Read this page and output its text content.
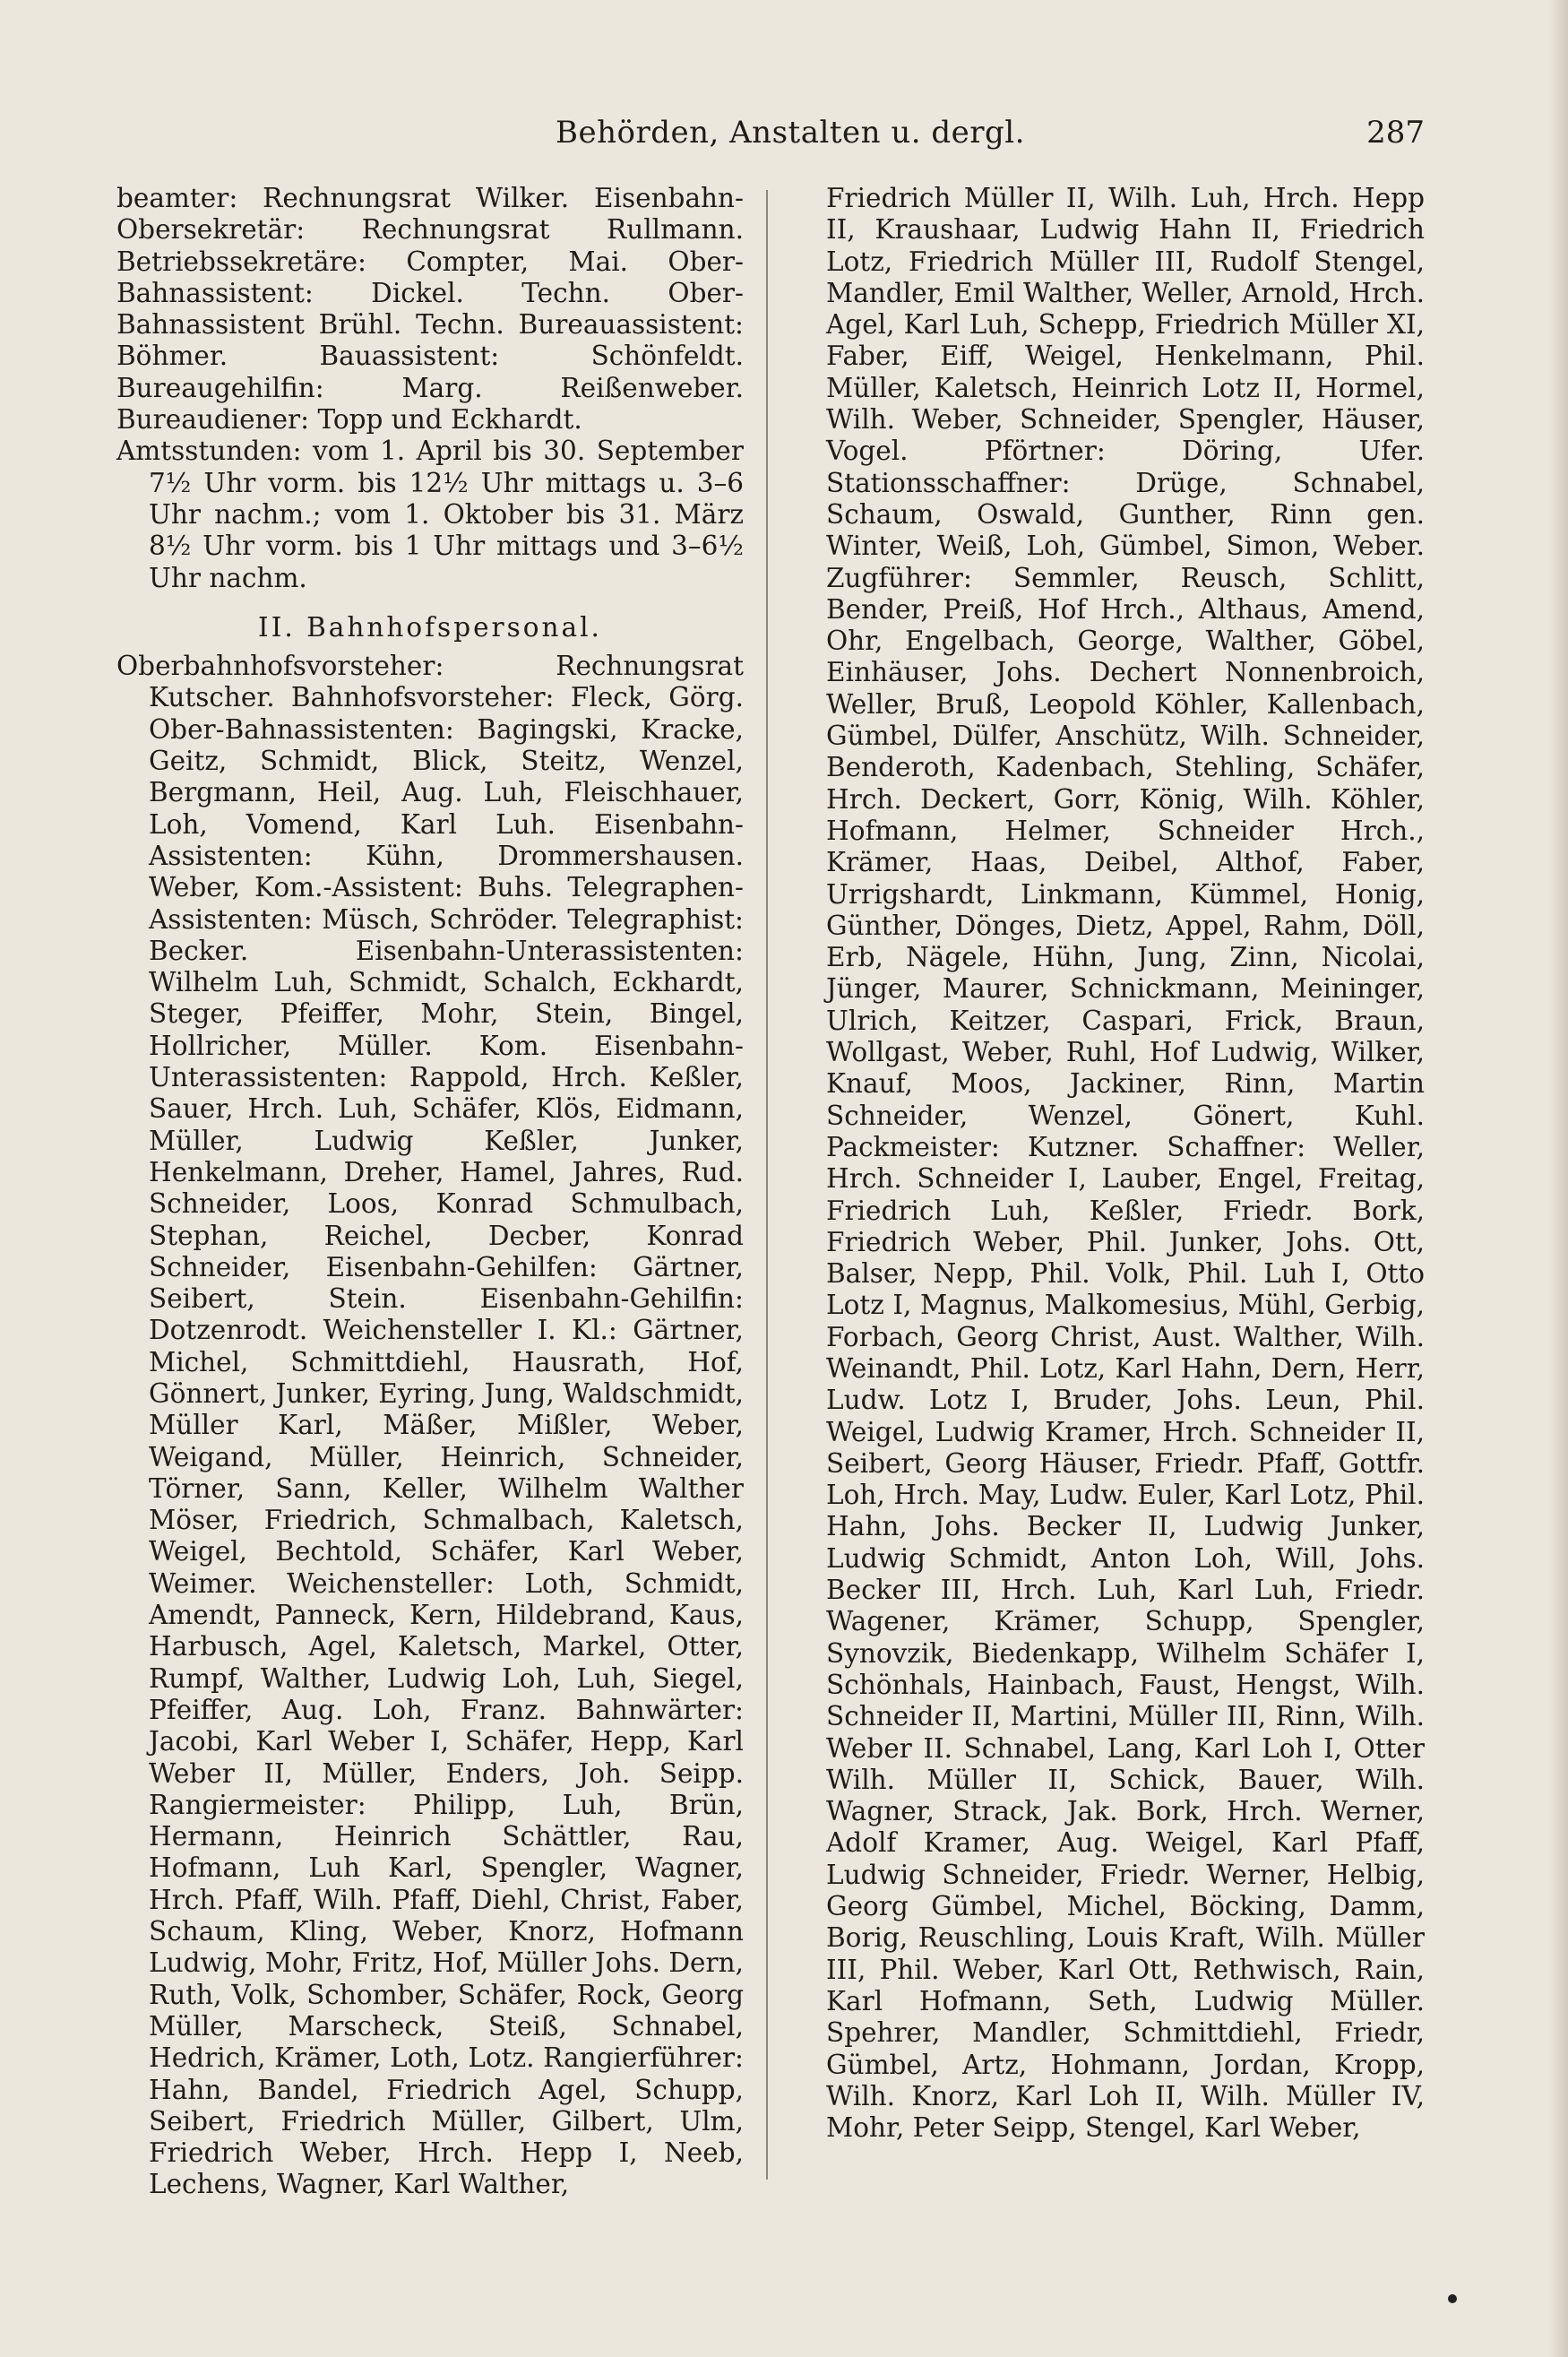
Behörden, Anstalten u. dergl.	287

beamter: Rechnungsrat Wilker. Eisenbahn-Obersekretär: Rechnungsrat Rullmann. Betriebssekretäre: Compter, Mai. Ober-Bahnassistent: Dickel. Techn. Ober-Bahnassistent Brühl. Techn. Bureauassistent: Böhmer. Bauassistent: Schönfeldt. Bureaugehilfin: Marg. Reißenweber. Bureaudiener: Topp und Eckhardt.

Amtsstunden: vom 1. April bis 30. September 7½ Uhr vorm. bis 12½ Uhr mittags u. 3–6 Uhr nachm.; vom 1. Oktober bis 31. März 8½ Uhr vorm. bis 1 Uhr mittags und 3–6½ Uhr nachm.

II. Bahnhofspersonal.

Oberbahnhofsvorsteher: Rechnungsrat Kutscher. Bahnhofsvorsteher: Fleck, Görg. Ober-Bahnassistenten: Bagingski, Kracke, Geitz, Schmidt, Blick, Steitz, Wenzel, Bergmann, Heil, Aug. Luh, Fleischhauer, Loh, Vomend, Karl Luh. Eisenbahn-Assistenten: Kühn, Drommershausen. Weber, Kom.-Assistent: Buhs. Telegraphen-Assistenten: Müsch, Schröder. Telegraphist: Becker. Eisenbahn-Unterassistenten: Wilhelm Luh, Schmidt, Schalch, Eckhardt, Steger, Pfeiffer, Mohr, Stein, Bingel, Hollricher, Müller. Kom. Eisenbahn-Unterassistenten: Rappold, Hrch. Keßler, Sauer, Hrch. Luh, Schäfer, Klös, Eidmann, Müller, Ludwig Keßler, Junker, Henkelmann, Dreher, Hamel, Jahres, Rud. Schneider, Loos, Konrad Schmulbach, Stephan, Reichel, Decber, Konrad Schneider, Eisenbahn-Gehilfen: Gärtner, Seibert, Stein. Eisenbahn-Gehilfin: Dotzenrodt. Weichensteller I. Kl.: Gärtner, Michel, Schmittdiehl, Hausrath, Hof, Gönnert, Junker, Eyring, Jung, Waldschmidt, Müller Karl, Mäßer, Mißler, Weber, Weigand, Müller, Heinrich, Schneider, Törner, Sann, Keller, Wilhelm Walther Möser, Friedrich, Schmalbach, Kaletsch, Weigel, Bechtold, Schäfer, Karl Weber, Weimer. Weichensteller: Loth, Schmidt, Amendt, Panneck, Kern, Hildebrand, Kaus, Harbusch, Agel, Kaletsch, Markel, Otter, Rumpf, Walther, Ludwig Loh, Luh, Siegel, Pfeiffer, Aug. Loh, Franz. Bahnwärter: Jacobi, Karl Weber I, Schäfer, Hepp, Karl Weber II, Müller, Enders, Joh. Seipp. Rangiermeister: Philipp, Luh, Brün, Hermann, Heinrich Schättler, Rau, Hofmann, Luh Karl, Spengler, Wagner, Hrch. Pfaff, Wilh. Pfaff, Diehl, Christ, Faber, Schaum, Kling, Weber, Knorz, Hofmann Ludwig, Mohr, Fritz, Hof, Müller Johs. Dern, Ruth, Volk, Schomber, Schäfer, Rock, Georg Müller, Marscheck, Steiß, Schnabel, Hedrich, Krämer, Loth, Lotz. Rangierführer: Hahn, Bandel, Friedrich Agel, Schupp, Seibert, Friedrich Müller, Gilbert, Ulm, Friedrich Weber, Hrch. Hepp I, Neeb, Lechens, Wagner, Karl Walther,

Friedrich Müller II, Wilh. Luh, Hrch. Hepp II, Kraushaar, Ludwig Hahn II, Friedrich Lotz, Friedrich Müller III, Rudolf Stengel, Mandler, Emil Walther, Weller, Arnold, Hrch. Agel, Karl Luh, Schepp, Friedrich Müller XI, Faber, Eiff, Weigel, Henkelmann, Phil. Müller, Kaletsch, Heinrich Lotz II, Hormel, Wilh. Weber, Schneider, Spengler, Häuser, Vogel. Pförtner: Döring, Ufer. Stationsschaffner: Drüge, Schnabel, Schaum, Oswald, Gunther, Rinn gen. Winter, Weiß, Loh, Gümbel, Simon, Weber. Zugführer: Semmler, Reusch, Schlitt, Bender, Preiß, Hof Hrch., Althaus, Amend, Ohr, Engelbach, George, Walther, Göbel, Einhäuser, Johs. Dechert Nonnenbroich, Weller, Bruß, Leopold Köhler, Kallenbach, Gümbel, Dülfer, Anschütz, Wilh. Schneider, Benderoth, Kadenbach, Stehling, Schäfer, Hrch. Deckert, Gorr, König, Wilh. Köhler, Hofmann, Helmer, Schneider Hrch., Krämer, Haas, Deibel, Althof, Faber, Urrigshardt, Linkmann, Kümmel, Honig, Günther, Dönges, Dietz, Appel, Rahm, Döll, Erb, Nägele, Hühn, Jung, Zinn, Nicolai, Jünger, Maurer, Schnickmann, Meininger, Ulrich, Keitzer, Caspari, Frick, Braun, Wollgast, Weber, Ruhl, Hof Ludwig, Wilker, Knauf, Moos, Jackiner, Rinn, Martin Schneider, Wenzel, Gönert, Kuhl. Packmeister: Kutzner. Schaffner: Weller, Hrch. Schneider I, Lauber, Engel, Freitag, Friedrich Luh, Keßler, Friedr. Bork, Friedrich Weber, Phil. Junker, Johs. Ott, Balser, Nepp, Phil. Volk, Phil. Luh I, Otto Lotz I, Magnus, Malkomesius, Mühl, Gerbig, Forbach, Georg Christ, Aust. Walther, Wilh. Weinandt, Phil. Lotz, Karl Hahn, Dern, Herr, Ludw. Lotz I, Bruder, Johs. Leun, Phil. Weigel, Ludwig Kramer, Hrch. Schneider II, Seibert, Georg Häuser, Friedr. Pfaff, Gottfr. Loh, Hrch. May, Ludw. Euler, Karl Lotz, Phil. Hahn, Johs. Becker II, Ludwig Junker, Ludwig Schmidt, Anton Loh, Will, Johs. Becker III, Hrch. Luh, Karl Luh, Friedr. Wagener, Krämer, Schupp, Spengler, Synovzik, Biedenkapp, Wilhelm Schäfer I, Schönhals, Hainbach, Faust, Hengst, Wilh. Schneider II, Martini, Müller III, Rinn, Wilh. Weber II. Schnabel, Lang, Karl Loh I, Otter Wilh. Müller II, Schick, Bauer, Wilh. Wagner, Strack, Jak. Bork, Hrch. Werner, Adolf Kramer, Aug. Weigel, Karl Pfaff, Ludwig Schneider, Friedr. Werner, Helbig, Georg Gümbel, Michel, Böcking, Damm, Borig, Reuschling, Louis Kraft, Wilh. Müller III, Phil. Weber, Karl Ott, Rethwisch, Rain, Karl Hofmann, Seth, Ludwig Müller. Spehrer, Mandler, Schmittdiehl, Friedr, Gümbel, Artz, Hohmann, Jordan, Kropp, Wilh. Knorz, Karl Loh II, Wilh. Müller IV, Mohr, Peter Seipp, Stengel, Karl Weber,
